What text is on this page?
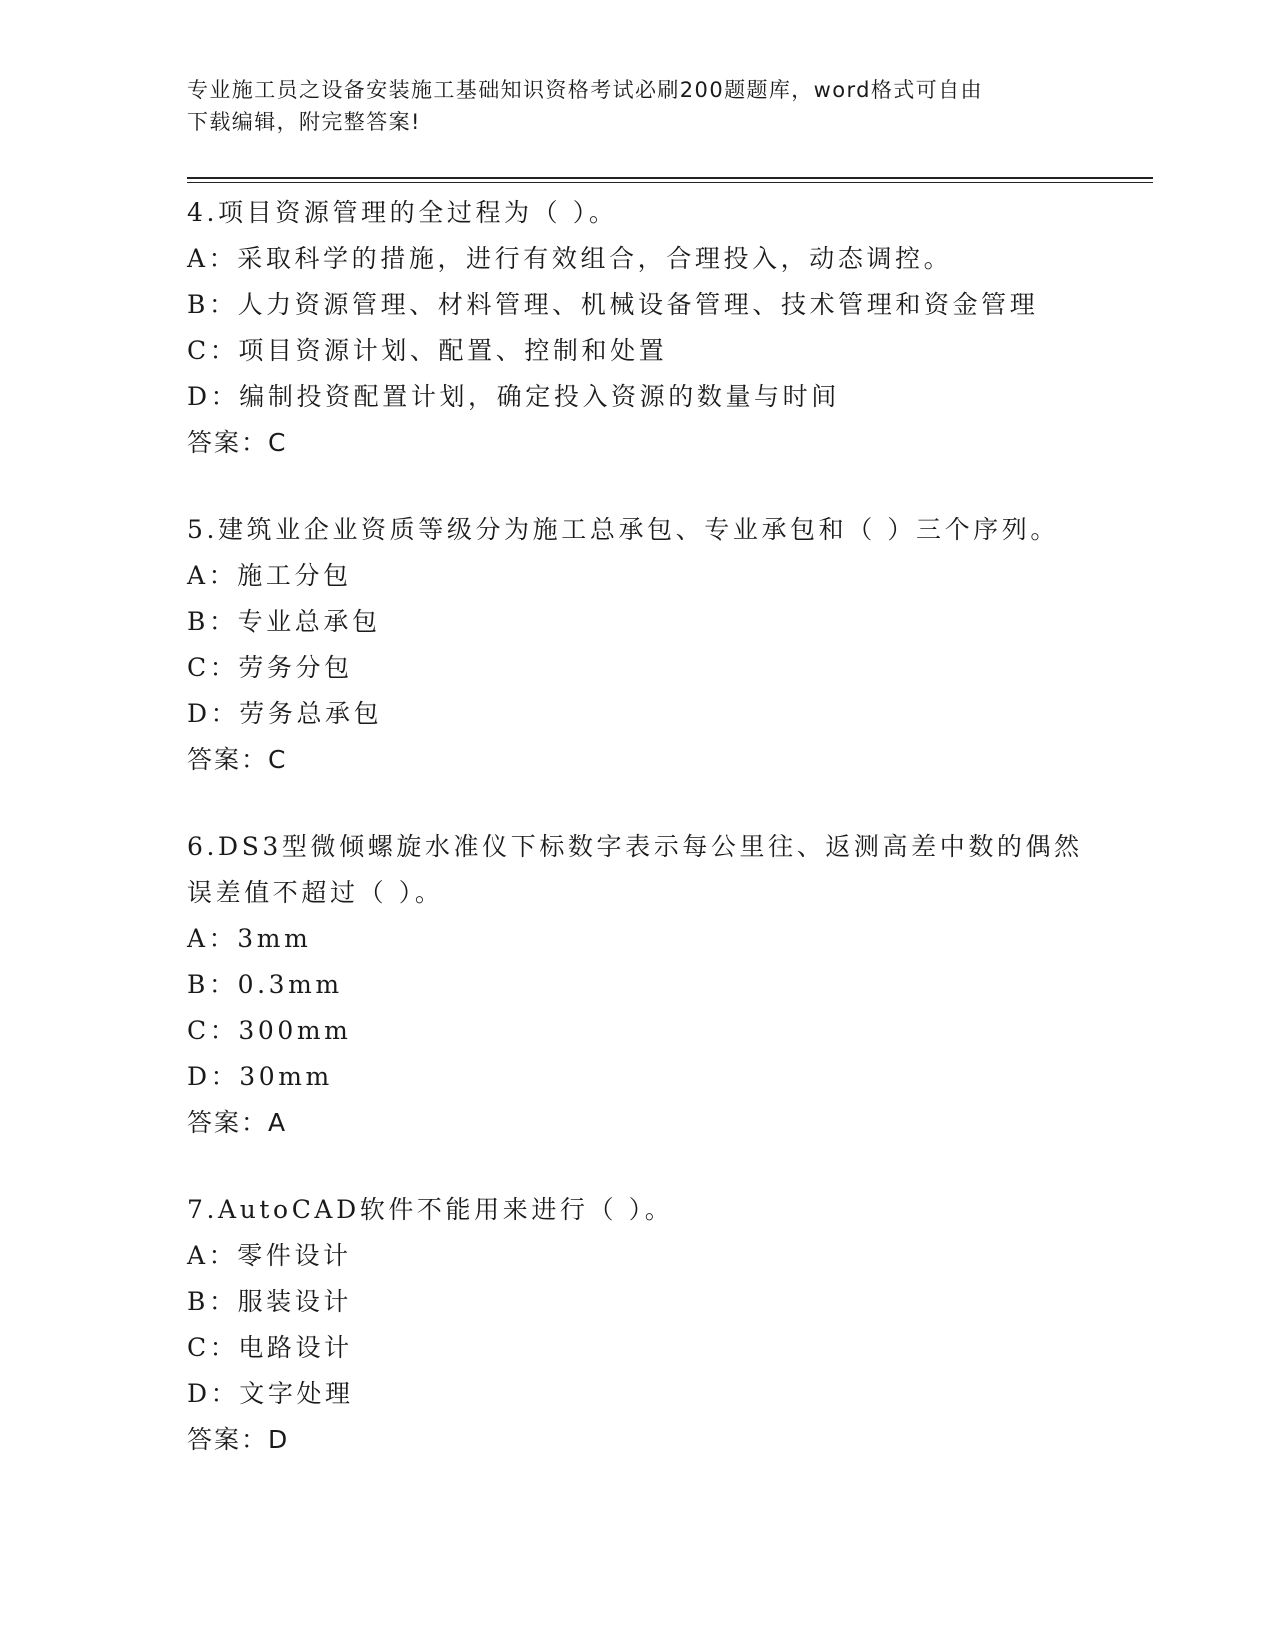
专业施工员之设备安装施工基础知识资格考试必刷200题题库，word格式可自由
下载编辑，附完整答案!
4.项目资源管理的全过程为（ ）。
A：采取科学的措施，进行有效组合，合理投入，动态调控。
B：人力资源管理、材料管理、机械设备管理、技术管理和资金管理
C：项目资源计划、配置、控制和处置
D：编制投资配置计划，确定投入资源的数量与时间
答案：C
5.建筑业企业资质等级分为施工总承包、专业承包和（ ）三个序列。
A：施工分包
B：专业总承包
C：劳务分包
D：劳务总承包
答案：C
6.DS3型微倾螺旋水准仪下标数字表示每公里往、返测高差中数的偶然
误差值不超过（ ）。
A：3mm
B：0.3mm
C：300mm
D：30mm
答案：A
7.AutoCAD软件不能用来进行（ ）。
A：零件设计
B：服装设计
C：电路设计
D：文字处理
答案：D
